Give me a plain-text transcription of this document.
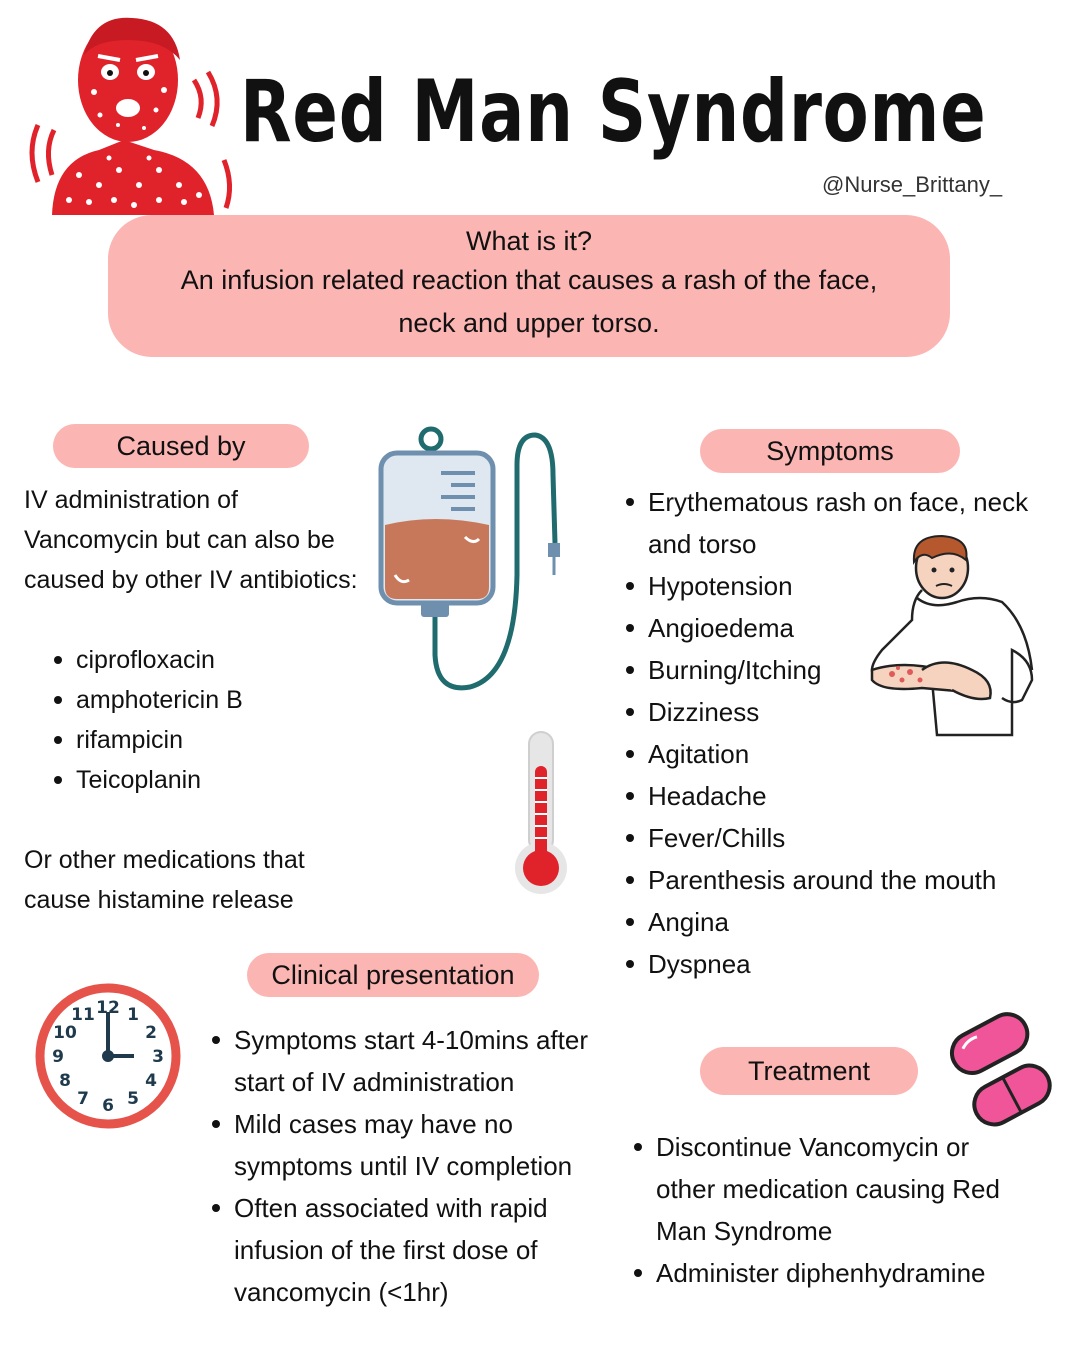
Red Man Syndrome
@Nurse_Brittany_
What is it?
An infusion related reaction that causes a rash of the face, neck and upper torso.
Caused by
IV administration of Vancomycin but can also be caused by other IV antibiotics:
ciprofloxacin
amphotericin B
rifampicin
Teicoplanin
Or other medications that cause histamine release
Symptoms
Erythematous rash on face, neck and torso
Hypotension
Angioedema
Burning/Itching
Dizziness
Agitation
Headache
Fever/Chills
Parenthesis around the mouth
Angina
Dyspnea
Clinical presentation
12 1
2
3
4
5
6
7
8
9
10
11
Symptoms start 4-10mins after start of IV administration
Mild cases may have no symptoms until IV completion
Often associated with rapid infusion of the first dose of vancomycin (<1hr)
Treatment
Discontinue Vancomycin or other medication causing Red Man Syndrome
Administer diphenhydramine
